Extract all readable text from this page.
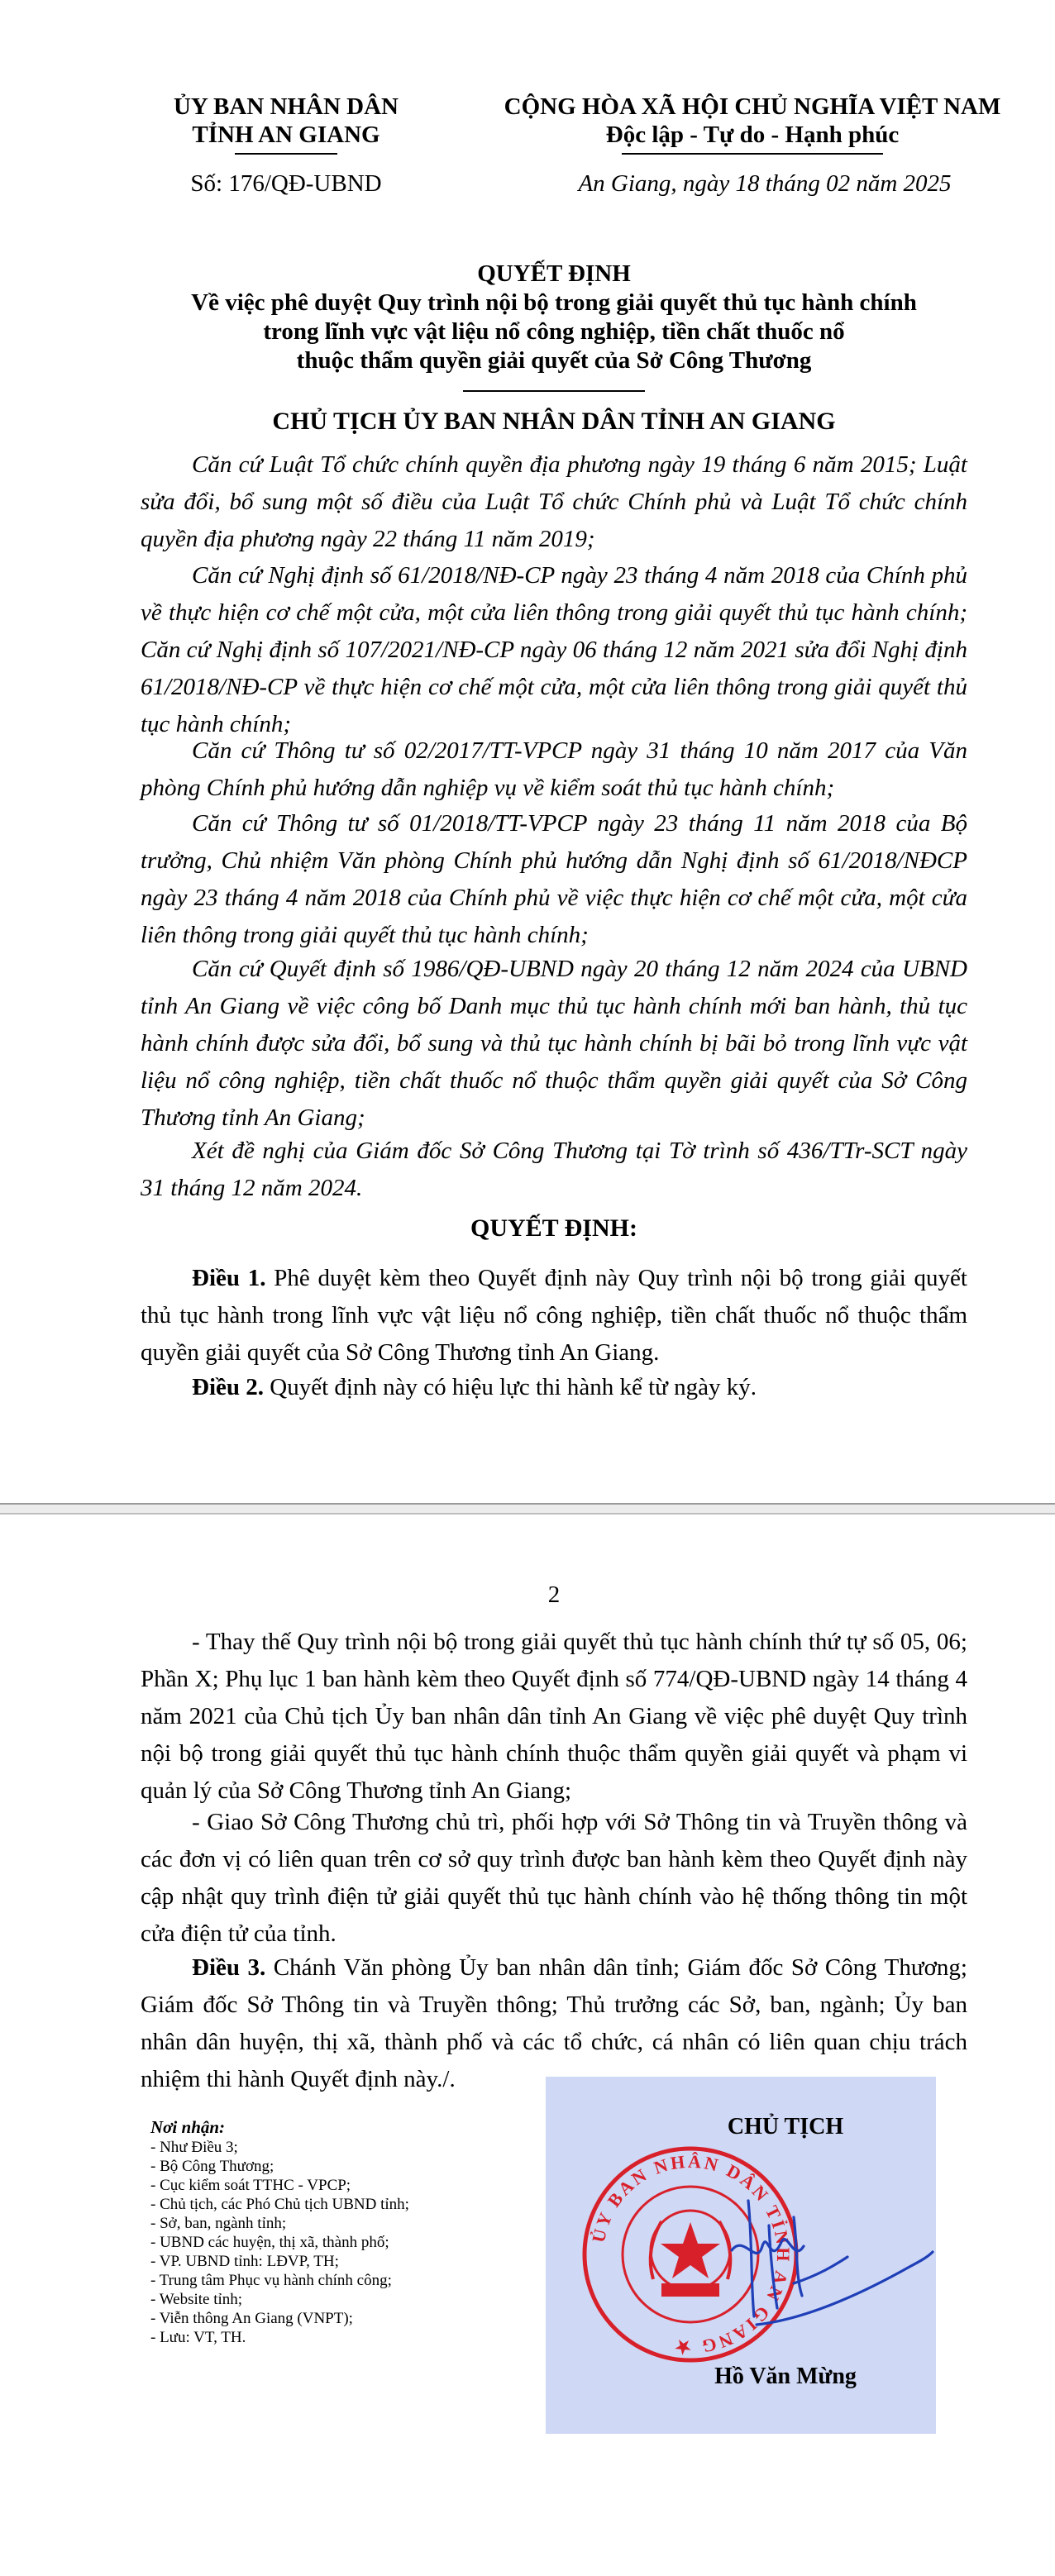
ỦY BAN NHÂN DÂN
TỈNH AN GIANG
Số: 176/QĐ-UBND
CỘNG HÒA XÃ HỘI CHỦ NGHĨA VIỆT NAM
Độc lập - Tự do - Hạnh phúc
An Giang, ngày 18 tháng 02 năm 2025
QUYẾT ĐỊNH
Về việc phê duyệt Quy trình nội bộ trong giải quyết thủ tục hành chính
trong lĩnh vực vật liệu nổ công nghiệp, tiền chất thuốc nổ
thuộc thẩm quyền giải quyết của Sở Công Thương
CHỦ TỊCH ỦY BAN NHÂN DÂN TỈNH AN GIANG
Căn cứ Luật Tổ chức chính quyền địa phương ngày 19 tháng 6 năm 2015; Luật sửa đổi, bổ sung một số điều của Luật Tổ chức Chính phủ và Luật Tổ chức chính quyền địa phương ngày 22 tháng 11 năm 2019;
Căn cứ Nghị định số 61/2018/NĐ-CP ngày 23 tháng 4 năm 2018 của Chính phủ về thực hiện cơ chế một cửa, một cửa liên thông trong giải quyết thủ tục hành chính; Căn cứ Nghị định số 107/2021/NĐ-CP ngày 06 tháng 12 năm 2021 sửa đổi Nghị định 61/2018/NĐ-CP về thực hiện cơ chế một cửa, một cửa liên thông trong giải quyết thủ tục hành chính;
Căn cứ Thông tư số 02/2017/TT-VPCP ngày 31 tháng 10 năm 2017 của Văn phòng Chính phủ hướng dẫn nghiệp vụ về kiểm soát thủ tục hành chính;
Căn cứ Thông tư số 01/2018/TT-VPCP ngày 23 tháng 11 năm 2018 của Bộ trưởng, Chủ nhiệm Văn phòng Chính phủ hướng dẫn Nghị định số 61/2018/NĐCP ngày 23 tháng 4 năm 2018 của Chính phủ về việc thực hiện cơ chế một cửa, một cửa liên thông trong giải quyết thủ tục hành chính;
Căn cứ Quyết định số 1986/QĐ-UBND ngày 20 tháng 12 năm 2024 của UBND tỉnh An Giang về việc công bố Danh mục thủ tục hành chính mới ban hành, thủ tục hành chính được sửa đổi, bổ sung và thủ tục hành chính bị bãi bỏ trong lĩnh vực vật liệu nổ công nghiệp, tiền chất thuốc nổ thuộc thẩm quyền giải quyết của Sở Công Thương tỉnh An Giang;
Xét đề nghị của Giám đốc Sở Công Thương tại Tờ trình số 436/TTr-SCT ngày 31 tháng 12 năm 2024.
QUYẾT ĐỊNH:
Điều 1. Phê duyệt kèm theo Quyết định này Quy trình nội bộ trong giải quyết thủ tục hành trong lĩnh vực vật liệu nổ công nghiệp, tiền chất thuốc nổ thuộc thẩm quyền giải quyết của Sở Công Thương tỉnh An Giang.
Điều 2. Quyết định này có hiệu lực thi hành kể từ ngày ký.
2
- Thay thế Quy trình nội bộ trong giải quyết thủ tục hành chính thứ tự số 05, 06; Phần X; Phụ lục 1 ban hành kèm theo Quyết định số 774/QĐ-UBND ngày 14 tháng 4 năm 2021 của Chủ tịch Ủy ban nhân dân tỉnh An Giang về việc phê duyệt Quy trình nội bộ trong giải quyết thủ tục hành chính thuộc thẩm quyền giải quyết và phạm vi quản lý của Sở Công Thương tỉnh An Giang;
- Giao Sở Công Thương chủ trì, phối hợp với Sở Thông tin và Truyền thông và các đơn vị có liên quan trên cơ sở quy trình được ban hành kèm theo Quyết định này cập nhật quy trình điện tử giải quyết thủ tục hành chính vào hệ thống thông tin một cửa điện tử của tỉnh.
Điều 3. Chánh Văn phòng Ủy ban nhân dân tỉnh; Giám đốc Sở Công Thương; Giám đốc Sở Thông tin và Truyền thông; Thủ trưởng các Sở, ban, ngành; Ủy ban nhân dân huyện, thị xã, thành phố và các tổ chức, cá nhân có liên quan chịu trách nhiệm thi hành Quyết định này./.
Nơi nhận:
- Như Điều 3;
- Bộ Công Thương;
- Cục kiểm soát TTHC - VPCP;
- Chủ tịch, các Phó Chủ tịch UBND tỉnh;
- Sở, ban, ngành tỉnh;
- UBND các huyện, thị xã, thành phố;
- VP. UBND tỉnh: LĐVP, TH;
- Trung tâm Phục vụ hành chính công;
- Website tỉnh;
- Viễn thông An Giang (VNPT);
- Lưu: VT, TH.
CHỦ TỊCH
ỦY BAN NHÂN DÂN TỈNH AN GIANG ★
Hồ Văn Mừng
